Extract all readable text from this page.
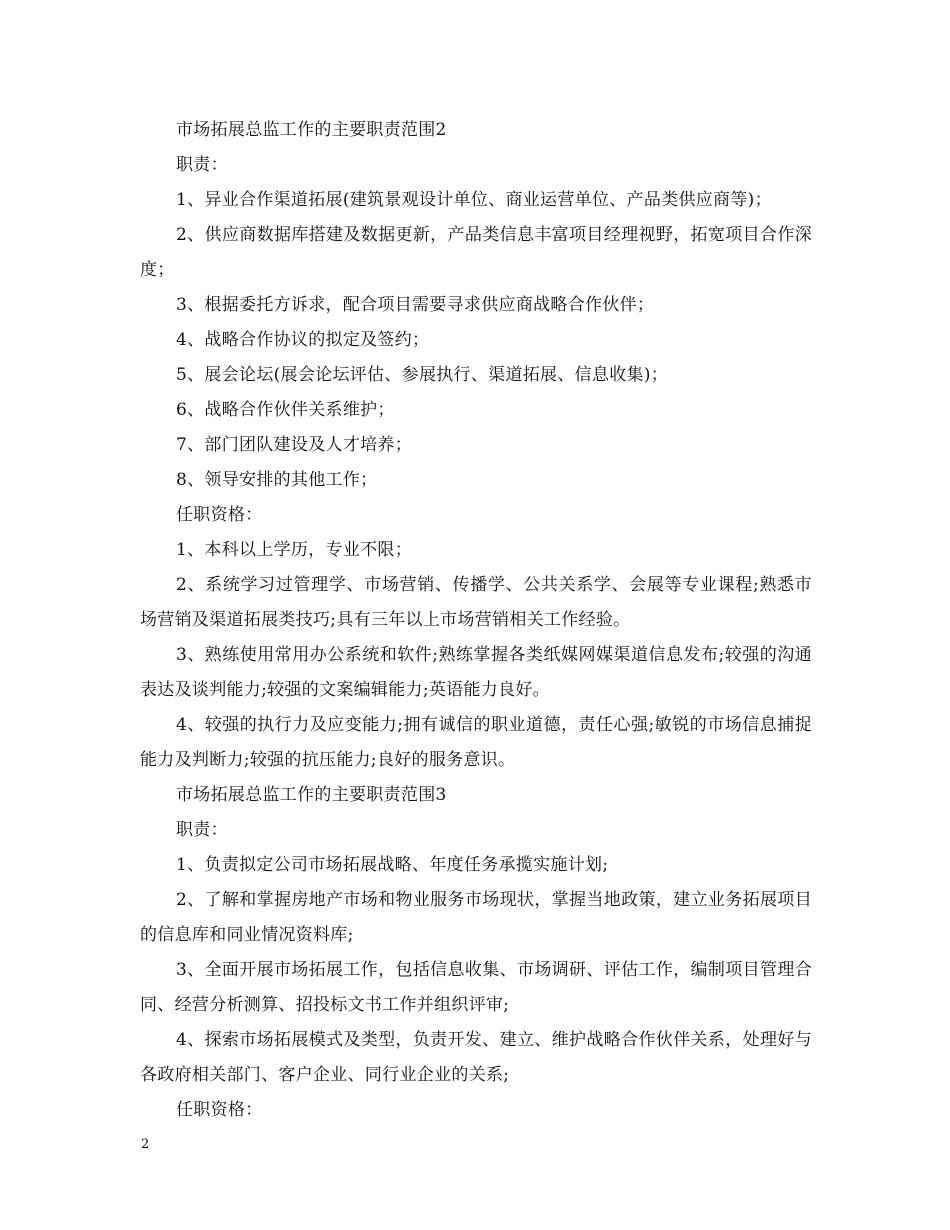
市场拓展总监工作的主要职责范围2

职责：

1、异业合作渠道拓展(建筑景观设计单位、商业运营单位、产品类供应商等)；

2、供应商数据库搭建及数据更新，产品类信息丰富项目经理视野，拓宽项目合作深度；

3、根据委托方诉求，配合项目需要寻求供应商战略合作伙伴；

4、战略合作协议的拟定及签约；

5、展会论坛(展会论坛评估、参展执行、渠道拓展、信息收集)；

6、战略合作伙伴关系维护；

7、部门团队建设及人才培养；

8、领导安排的其他工作；

任职资格：

1、本科以上学历，专业不限；

2、系统学习过管理学、市场营销、传播学、公共关系学、会展等专业课程;熟悉市场营销及渠道拓展类技巧;具有三年以上市场营销相关工作经验。

3、熟练使用常用办公系统和软件;熟练掌握各类纸媒网媒渠道信息发布;较强的沟通表达及谈判能力;较强的文案编辑能力;英语能力良好。

4、较强的执行力及应变能力;拥有诚信的职业道德，责任心强;敏锐的市场信息捕捉能力及判断力;较强的抗压能力;良好的服务意识。

市场拓展总监工作的主要职责范围3

职责：

1、负责拟定公司市场拓展战略、年度任务承揽实施计划;

2、了解和掌握房地产市场和物业服务市场现状，掌握当地政策，建立业务拓展项目的信息库和同业情况资料库;

3、全面开展市场拓展工作，包括信息收集、市场调研、评估工作，编制项目管理合同、经营分析测算、招投标文书工作并组织评审;

4、探索市场拓展模式及类型，负责开发、建立、维护战略合作伙伴关系，处理好与各政府相关部门、客户企业、同行业企业的关系;

任职资格：

2
